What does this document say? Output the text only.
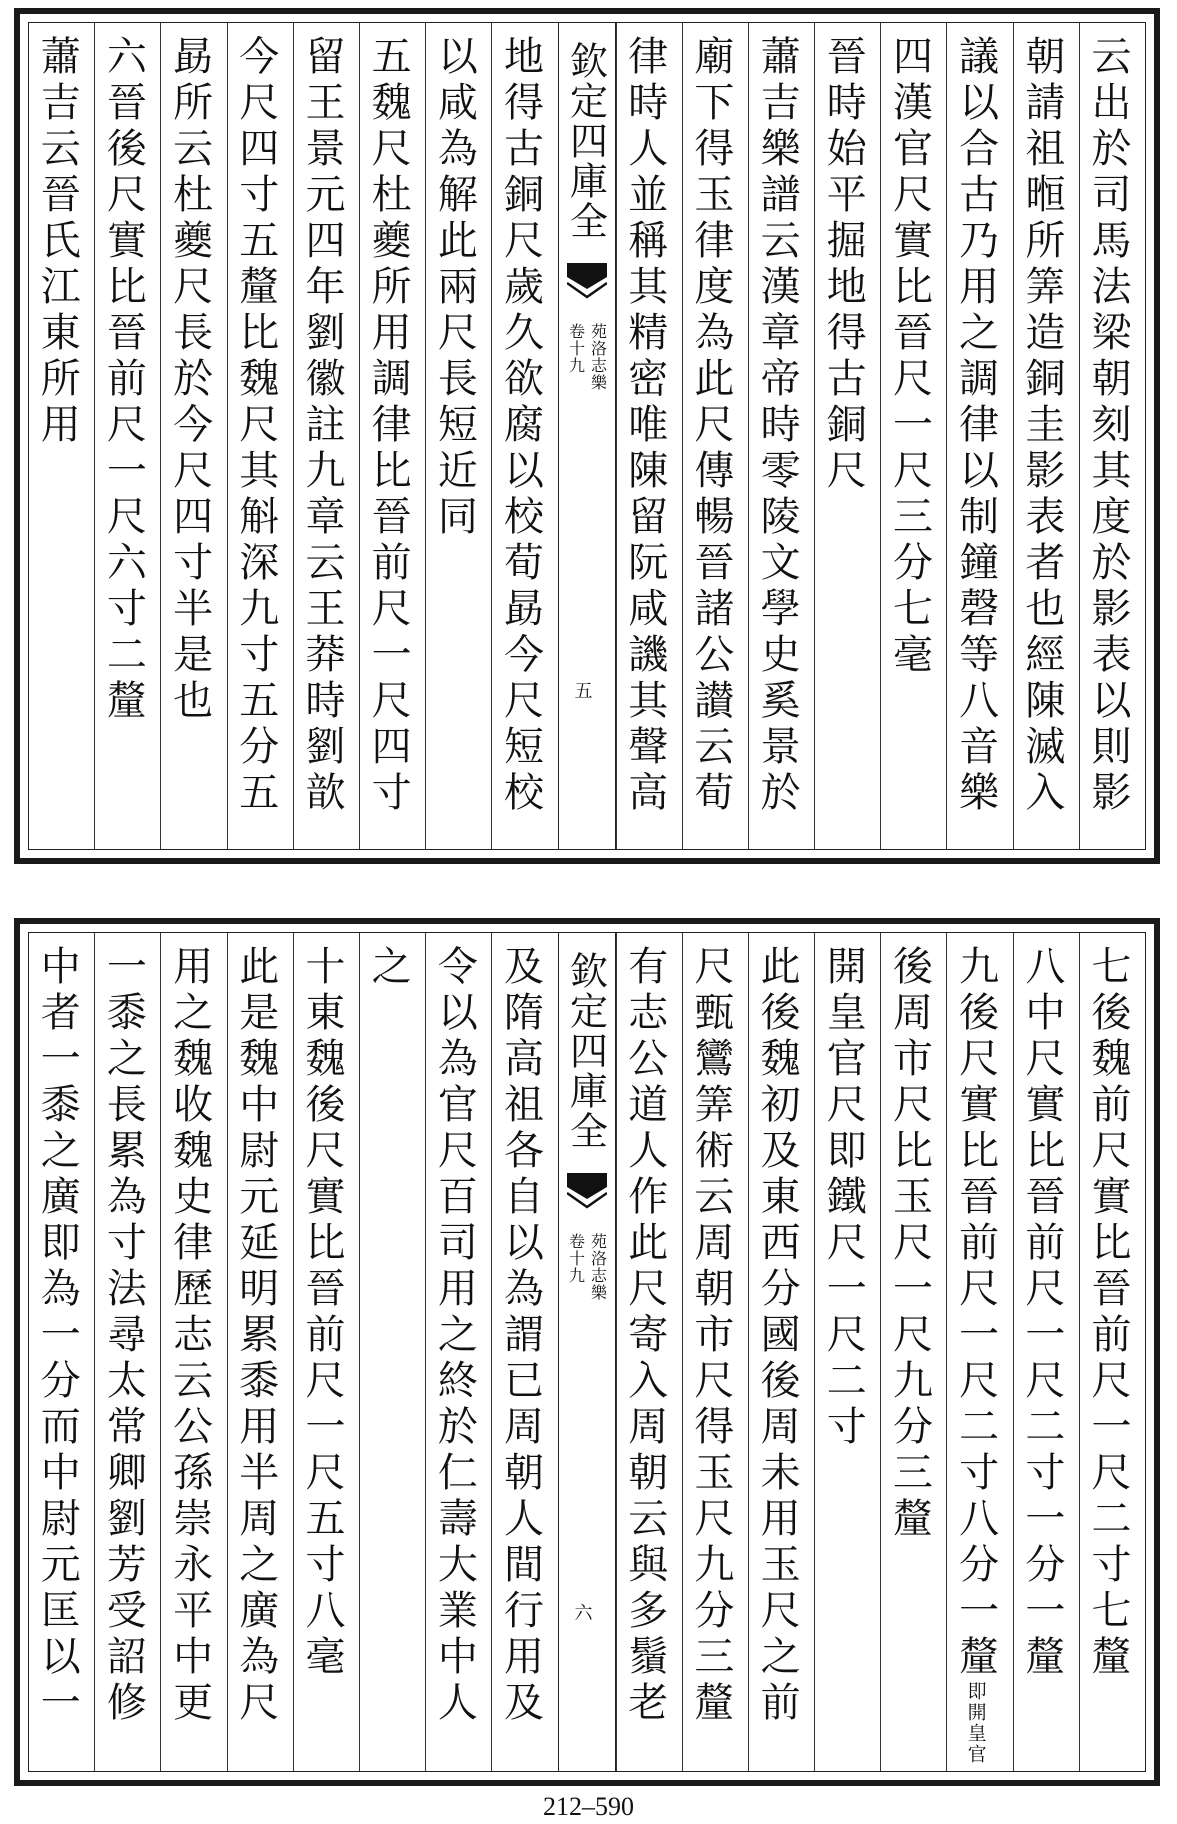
云出於司馬法梁朝刻其度於影表以則影
朝請祖暅所筭造銅圭影表者也經陳滅入
議以合古乃用之調律以制鐘磬等八音樂
四漢官尺實比晉尺一尺三分七毫
晉時始平掘地得古銅尺
蕭吉樂譜云漢章帝時零陵文學史奚景於
廟下得玉律度為此尺傳暢晉諸公讃云荀
律時人並稱其精密唯陳留阮咸譏其聲高
欽定四庫全
苑洛志樂
卷十九
五
地得古銅尺歲久欲腐以校荀勗今尺短校
以咸為解此兩尺長短近同
五魏尺杜夔所用調律比晉前尺一尺四寸
留王景元四年劉徽註九章云王莽時劉歆
今尺四寸五釐比魏尺其斛深九寸五分五
勗所云杜夔尺長於今尺四寸半是也
六晉後尺實比晉前尺一尺六寸二釐
蕭吉云晉氏江東所用
七後魏前尺實比晉前尺一尺二寸七釐
八中尺實比晉前尺一尺二寸一分一釐
九後尺實比晉前尺一尺二寸八分一釐即開皇官
後周市尺比玉尺一尺九分三釐
開皇官尺即鐵尺一尺二寸
此後魏初及東西分國後周未用玉尺之前
尺甄鸞筭術云周朝市尺得玉尺九分三釐
有志公道人作此尺寄入周朝云與多鬚老
欽定四庫全
苑洛志樂
卷十九
六
及隋高祖各自以為謂已周朝人間行用及
令以為官尺百司用之終於仁壽大業中人
之
十東魏後尺實比晉前尺一尺五寸八毫
此是魏中尉元延明累黍用半周之廣為尺
用之魏收魏史律歷志云公孫崇永平中更
一黍之長累為寸法尋太常卿劉芳受詔修
中者一黍之廣即為一分而中尉元匡以一
212–590
